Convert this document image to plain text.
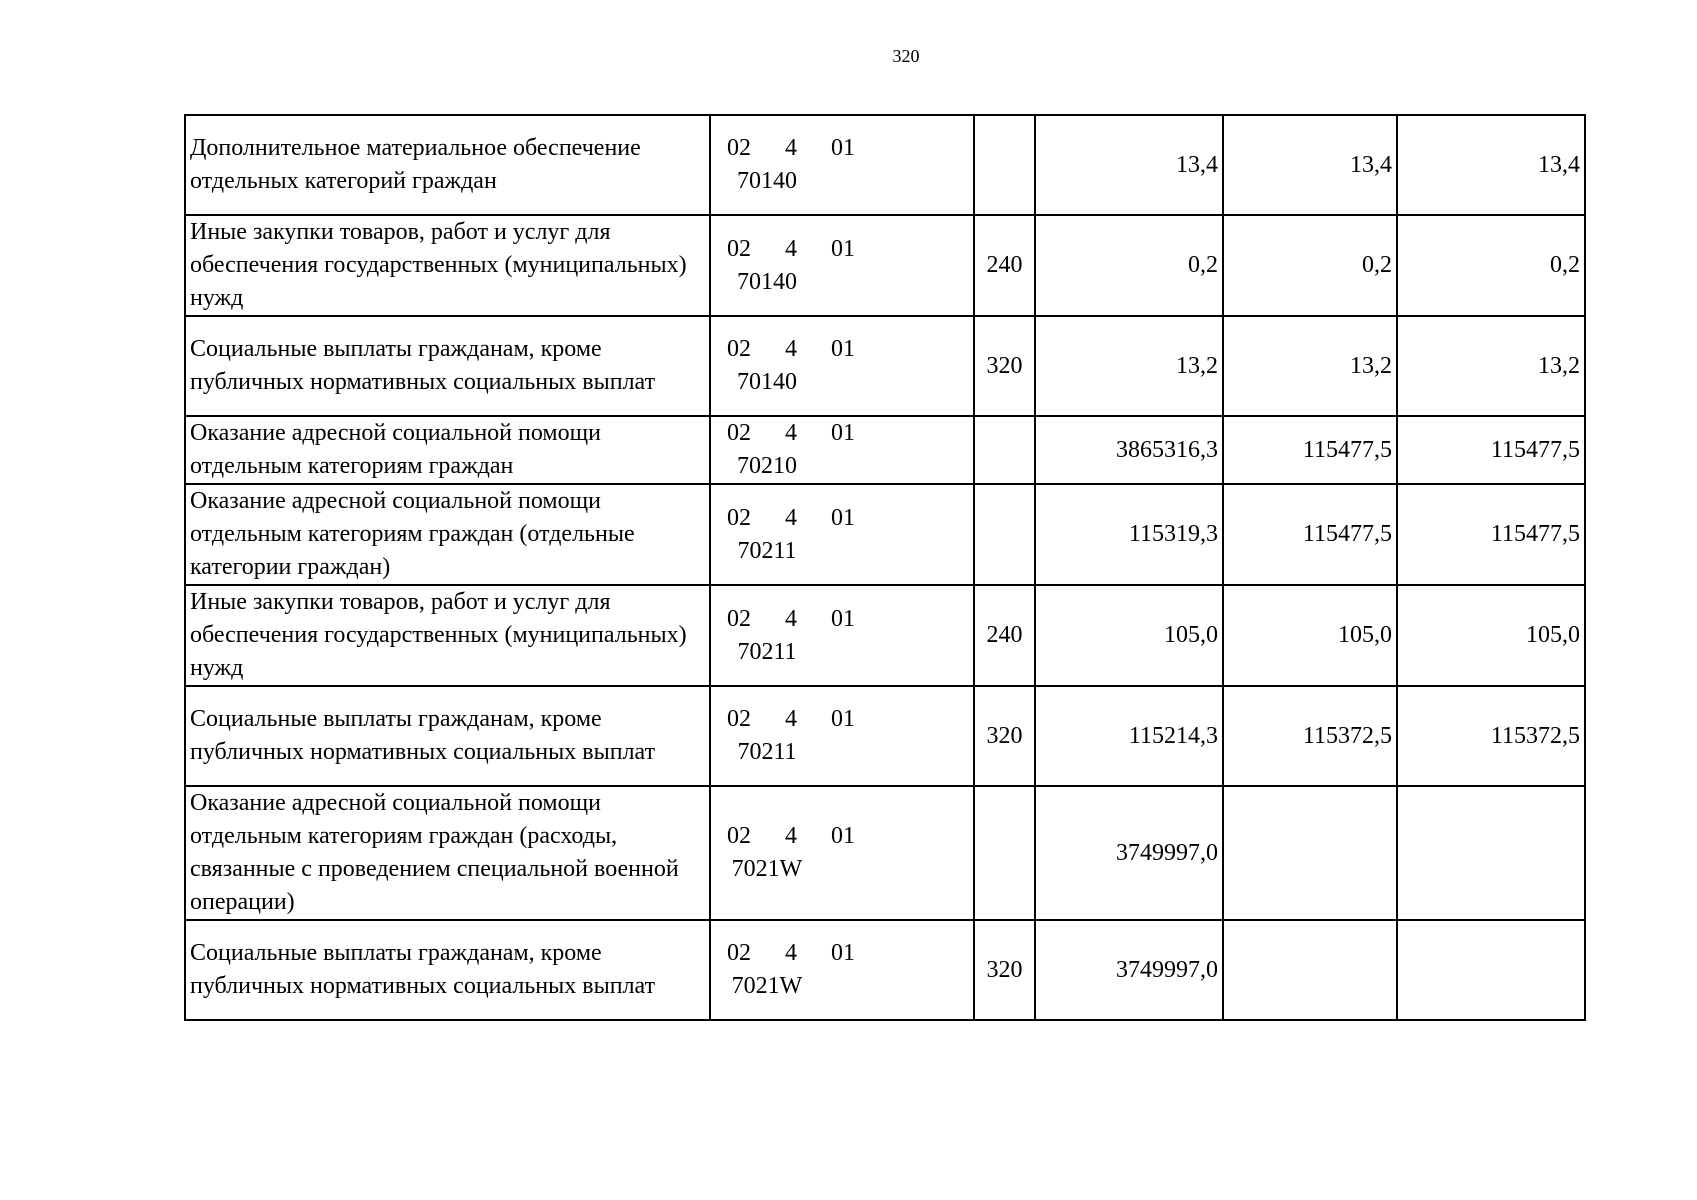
320
Дополнительное материальное обеспечение отдельных категорий граждан	02 4 0170140		13,4	13,4	13,4
Иные закупки товаров, работ и услуг для обеспечения государственных (муниципальных) нужд	02 4 0170140	240	0,2	0,2	0,2
Социальные выплаты гражданам, кроме публичных нормативных социальных выплат	02 4 0170140	320	13,2	13,2	13,2
Оказание адресной социальной помощи отдельным категориям граждан	02 4 0170210		3865316,3	115477,5	115477,5
Оказание адресной социальной помощи отдельным категориям граждан (отдельные категории граждан)	02 4 0170211		115319,3	115477,5	115477,5
Иные закупки товаров, работ и услуг для обеспечения государственных (муниципальных) нужд	02 4 0170211	240	105,0	105,0	105,0
Социальные выплаты гражданам, кроме публичных нормативных социальных выплат	02 4 0170211	320	115214,3	115372,5	115372,5
Оказание адресной социальной помощи отдельным категориям граждан (расходы, связанные с проведением специальной военной операции)	02 4 017021W		3749997,0		
Социальные выплаты гражданам, кроме публичных нормативных социальных выплат	02 4 017021W	320	3749997,0		
